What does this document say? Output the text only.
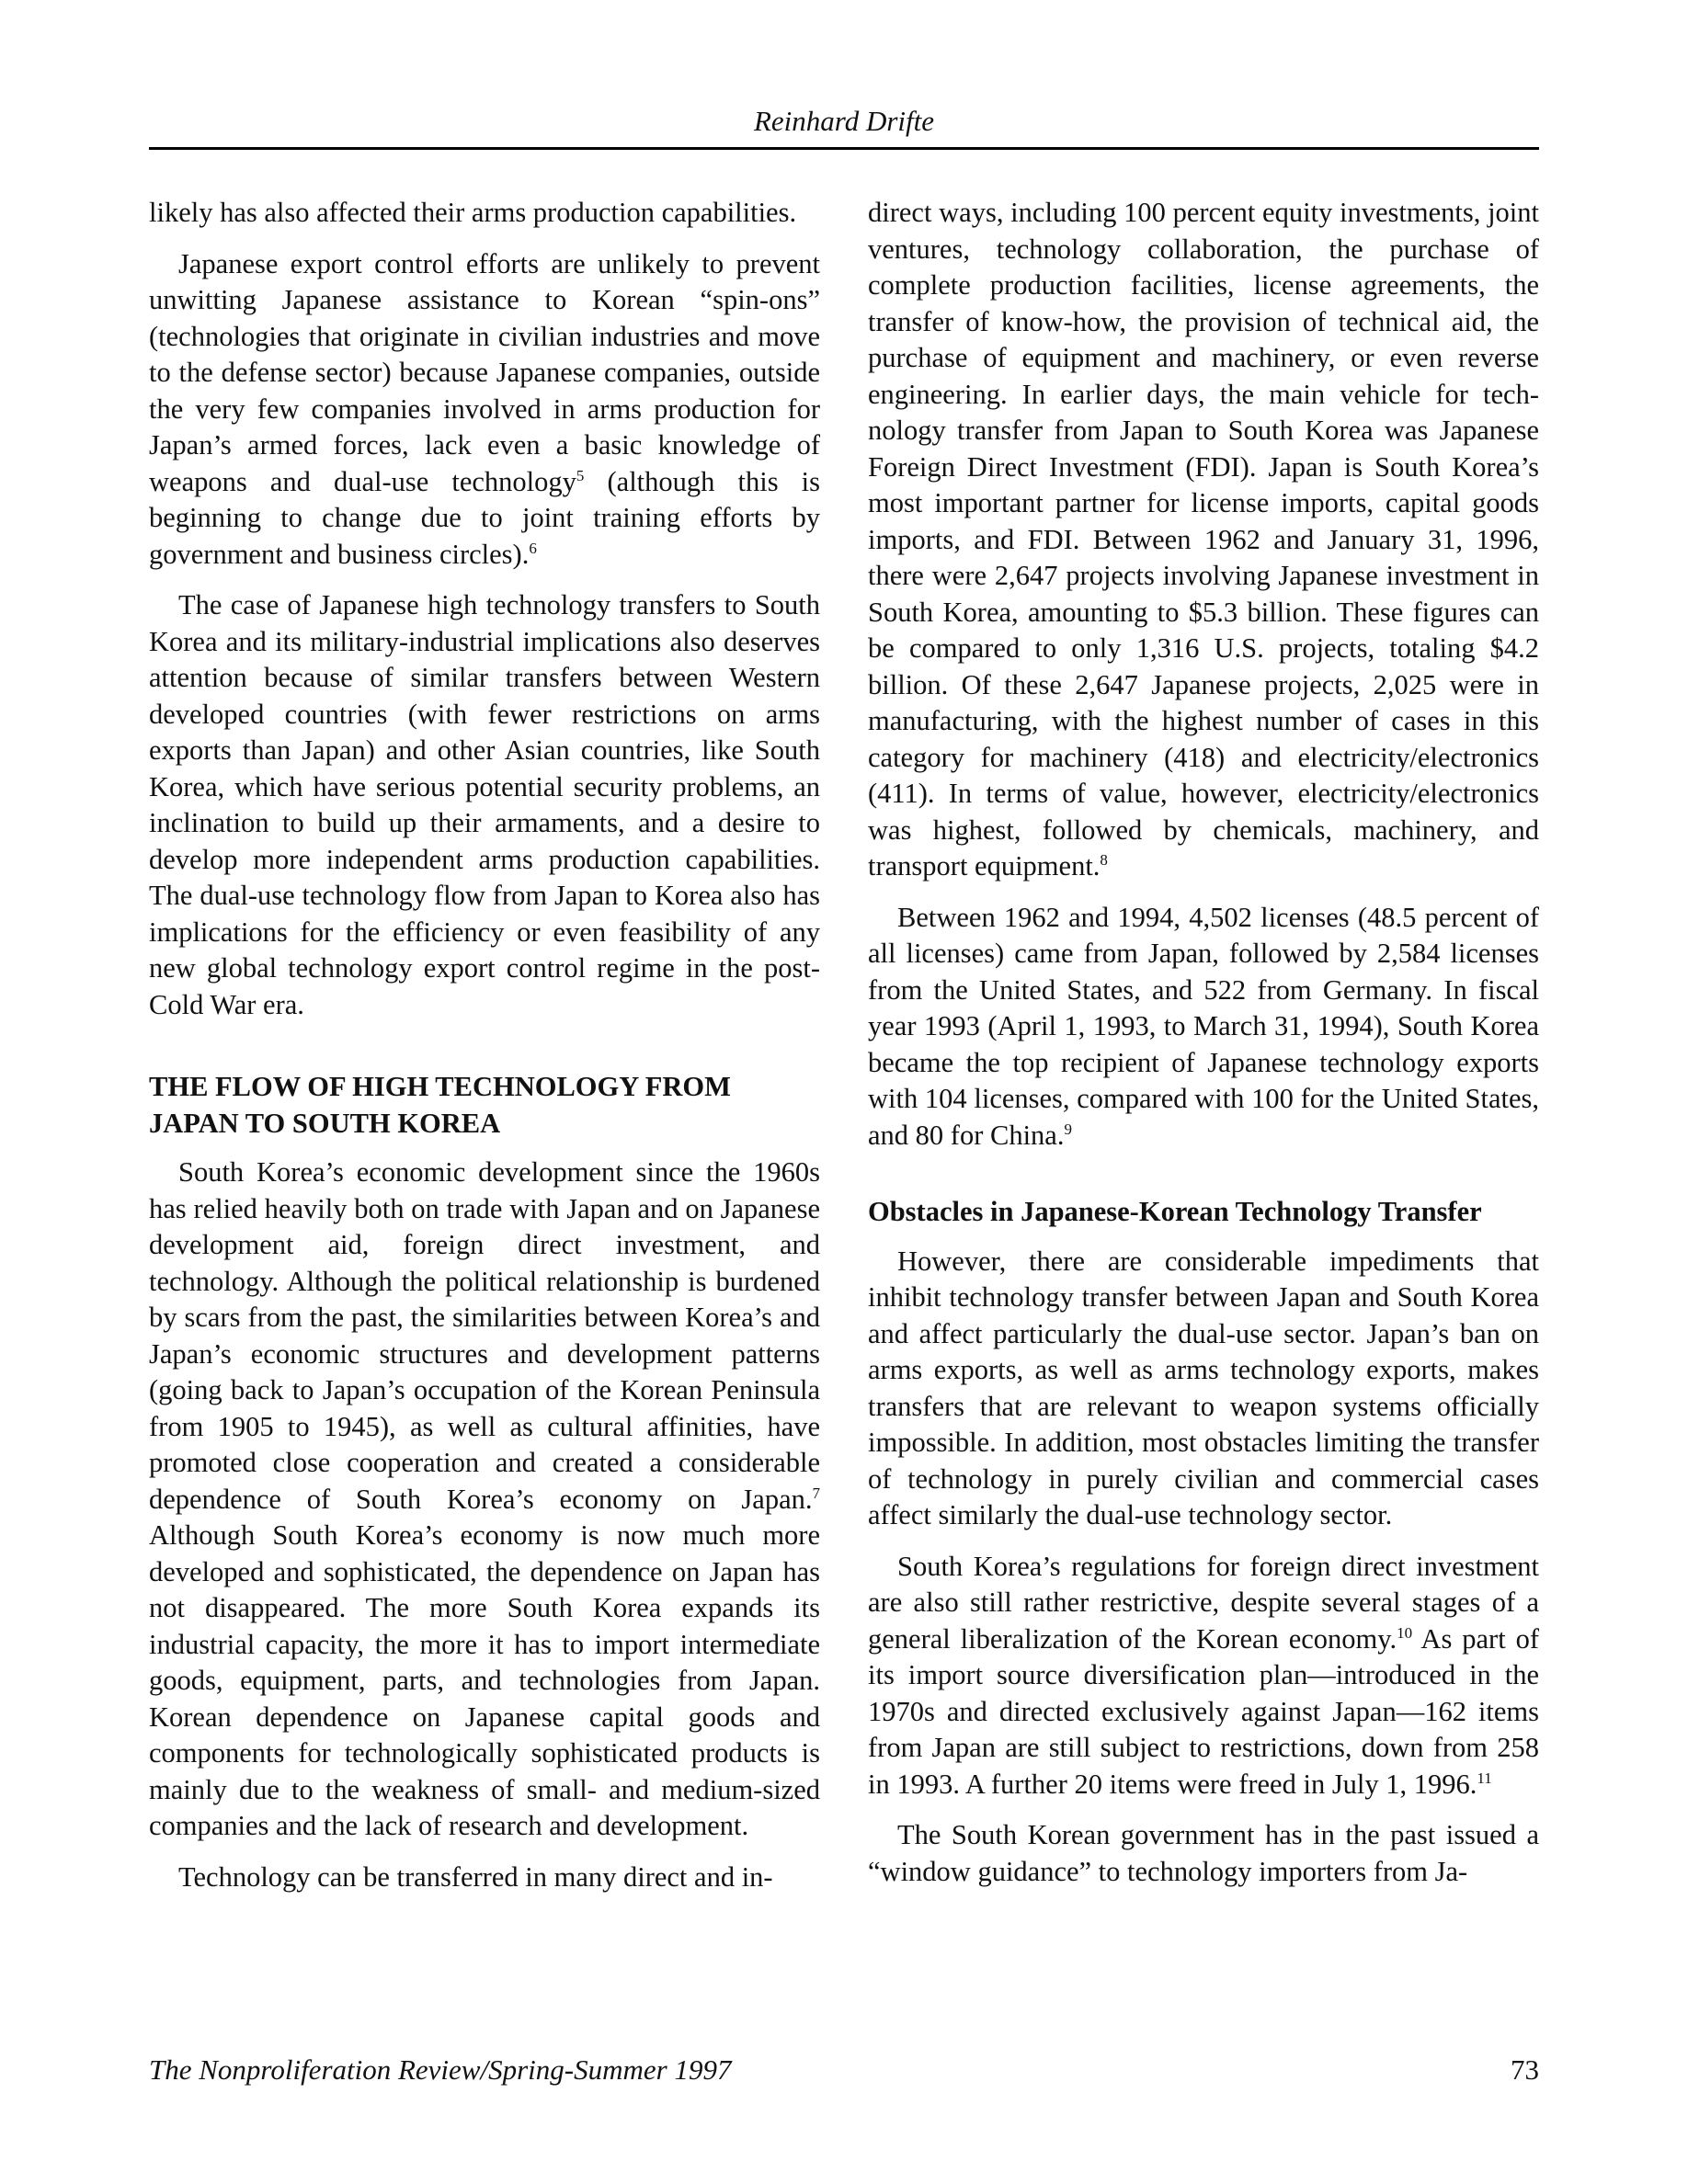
Reinhard Drifte

likely has also affected their arms production capabilities.

Japanese export control efforts are unlikely to prevent unwitting Japanese assistance to Korean “spin-ons” (technologies that originate in civilian industries and move to the defense sector) because Japanese companies, outside the very few companies involved in arms production for Japan’s armed forces, lack even a basic knowledge of weapons and dual-use technology$^5$ (although this is beginning to change due to joint training efforts by government and business circles).$^6$

The case of Japanese high technology transfers to South Korea and its military-industrial implications also deserves attention because of similar transfers between Western developed countries (with fewer restrictions on arms exports than Japan) and other Asian countries, like South Korea, which have serious potential security problems, an inclination to build up their armaments, and a desire to develop more independent arms production capabilities. The dual-use technology flow from Japan to Korea also has implications for the efficiency or even feasibility of any new global technology export control regime in the post-Cold War era.

THE FLOW OF HIGH TECHNOLOGY FROM JAPAN TO SOUTH KOREA

South Korea’s economic development since the 1960s has relied heavily both on trade with Japan and on Japanese development aid, foreign direct investment, and technology. Although the political relationship is burdened by scars from the past, the similarities between Korea’s and Japan’s economic structures and development patterns (going back to Japan’s occupation of the Korean Peninsula from 1905 to 1945), as well as cultural affinities, have promoted close cooperation and created a considerable dependence of South Korea’s economy on Japan.$^7$ Although South Korea’s economy is now much more developed and sophisticated, the dependence on Japan has not disappeared. The more South Korea expands its industrial capacity, the more it has to import intermediate goods, equipment, parts, and technologies from Japan. Korean dependence on Japanese capital goods and components for technologically sophisticated products is mainly due to the weakness of small- and medium-sized companies and the lack of research and development.

Technology can be transferred in many direct and in-

direct ways, including 100 percent equity investments, joint ventures, technology collaboration, the purchase of complete production facilities, license agreements, the transfer of know-how, the provision of technical aid, the purchase of equipment and machinery, or even reverse engineering. In earlier days, the main vehicle for technology transfer from Japan to South Korea was Japanese Foreign Direct Investment (FDI). Japan is South Korea’s most important partner for license imports, capital goods imports, and FDI. Between 1962 and January 31, 1996, there were 2,647 projects involving Japanese investment in South Korea, amounting to $5.3 billion. These figures can be compared to only 1,316 U.S. projects, totaling $4.2 billion. Of these 2,647 Japanese projects, 2,025 were in manufacturing, with the highest number of cases in this category for machinery (418) and electricity/electronics (411). In terms of value, however, electricity/electronics was highest, followed by chemicals, machinery, and transport equipment.$^8$

Between 1962 and 1994, 4,502 licenses (48.5 percent of all licenses) came from Japan, followed by 2,584 licenses from the United States, and 522 from Germany. In fiscal year 1993 (April 1, 1993, to March 31, 1994), South Korea became the top recipient of Japanese technology exports with 104 licenses, compared with 100 for the United States, and 80 for China.$^9$

Obstacles in Japanese-Korean Technology Transfer

However, there are considerable impediments that inhibit technology transfer between Japan and South Korea and affect particularly the dual-use sector. Japan’s ban on arms exports, as well as arms technology exports, makes transfers that are relevant to weapon systems officially impossible. In addition, most obstacles limiting the transfer of technology in purely civilian and commercial cases affect similarly the dual-use technology sector.

South Korea’s regulations for foreign direct investment are also still rather restrictive, despite several stages of a general liberalization of the Korean economy.$^{10}$ As part of its import source diversification plan—introduced in the 1970s and directed exclusively against Japan—162 items from Japan are still subject to restrictions, down from 258 in 1993. A further 20 items were freed in July 1, 1996.11

The South Korean government has in the past issued a “window guidance” to technology importers from Ja-

The Nonproliferation Review/Spring-Summer 1997	73
